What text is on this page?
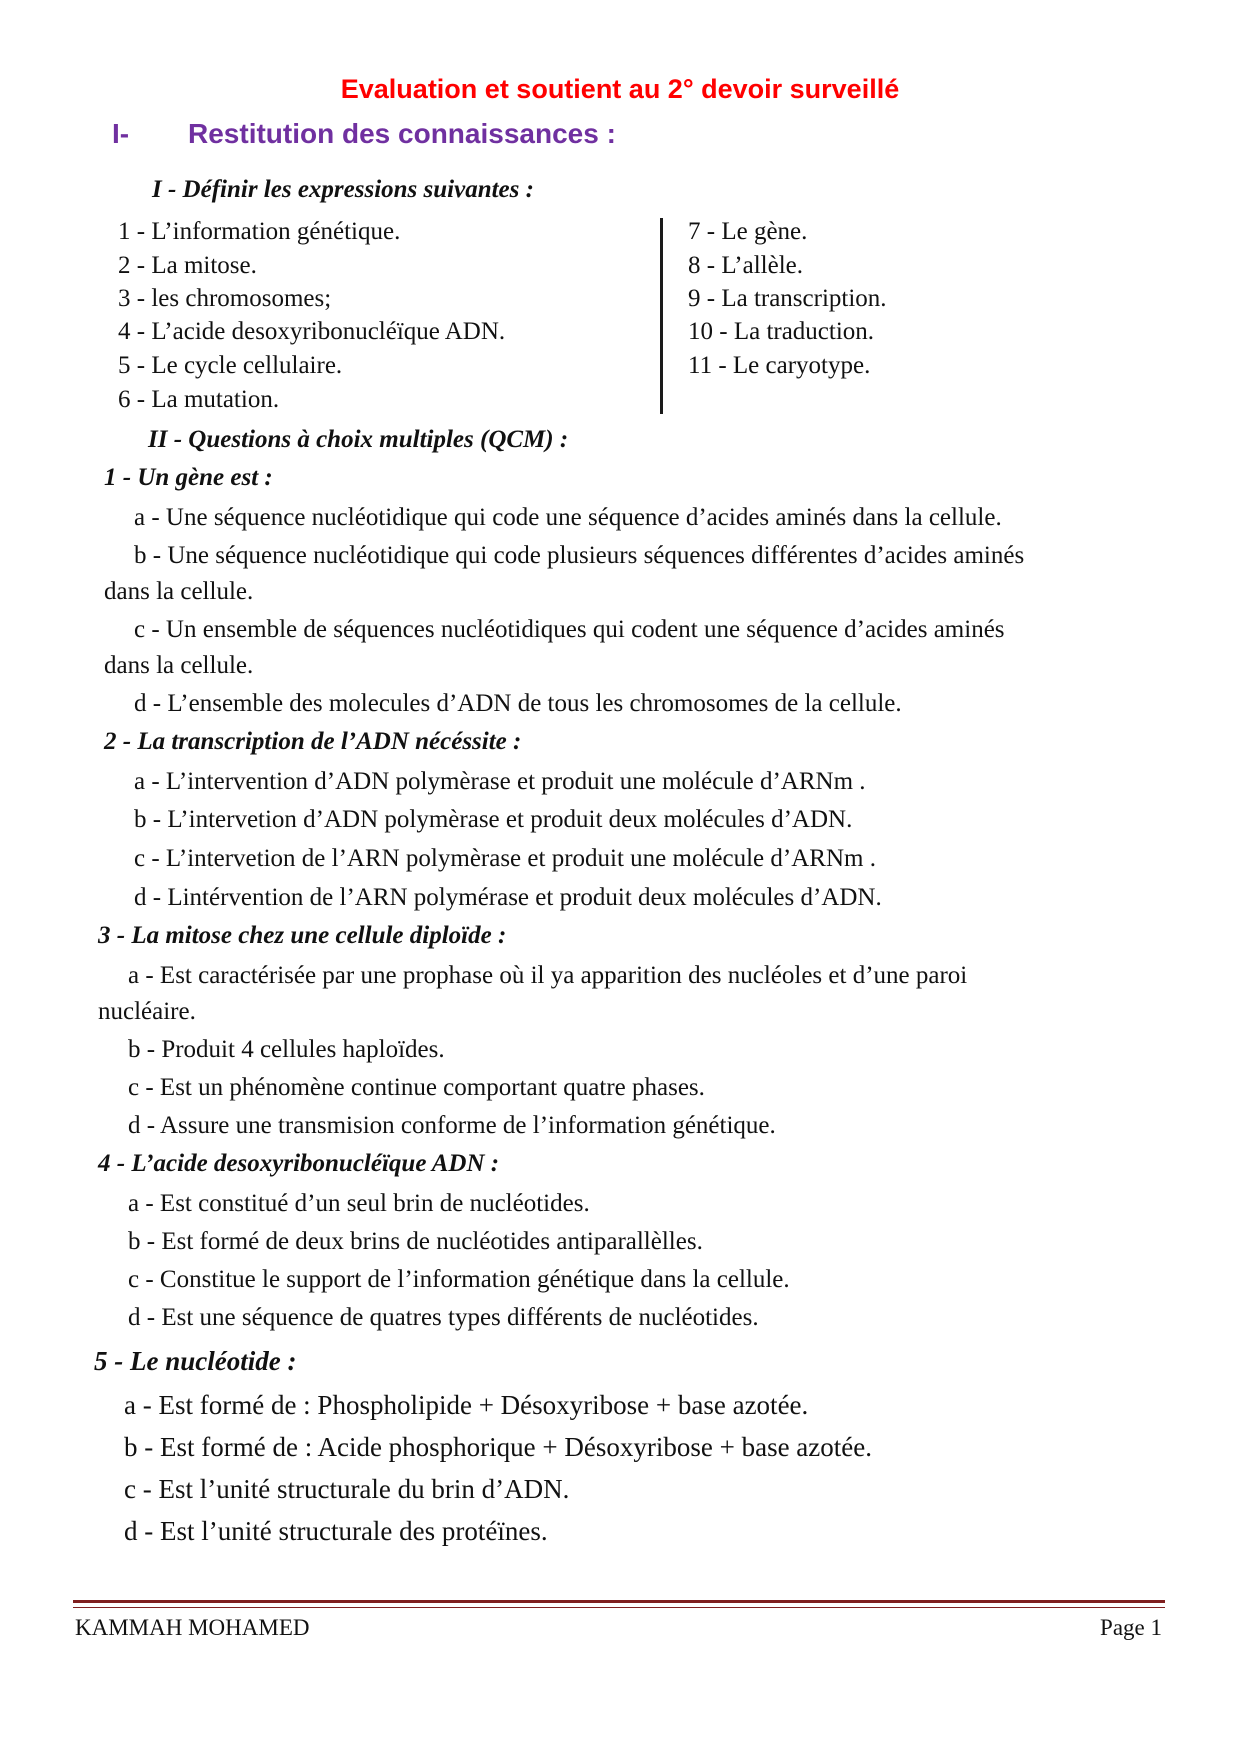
Evaluation et soutient au 2° devoir surveillé
I- Restitution des connaissances :

I - Définir les expressions suivantes :

1 - L’information génétique.

2 - La mitose.

3 - les chromosomes;

4 - L’acide desoxyribonucléïque ADN.

5 - Le cycle cellulaire.

6 - La mutation.

7 - Le gène.

8 - L’allèle.

9 - La transcription.

10 - La traduction.

11 - Le caryotype.

II - Questions à choix multiples (QCM) :

1 - Un gène est :

a - Une séquence nucléotidique qui code une séquence d’acides aminés dans la cellule.

b - Une séquence nucléotidique qui code plusieurs séquences différentes d’acides aminés

dans la cellule.

c - Un ensemble de séquences nucléotidiques qui codent une séquence d’acides aminés

dans la cellule.

d - L’ensemble des molecules d’ADN de tous les chromosomes de la cellule.

2 - La transcription de l’ADN nécéssite :

a - L’intervention d’ADN polymèrase et produit une molécule d’ARNm .

b - L’intervetion d’ADN polymèrase et produit deux molécules d’ADN.

c - L’intervetion de l’ARN polymèrase et produit une molécule d’ARNm .

d - Lintérvention de l’ARN polymérase et produit deux molécules d’ADN.

3 - La mitose chez une cellule diploïde :

a - Est caractérisée par une prophase où il ya apparition des nucléoles et d’une paroi

nucléaire.

b - Produit 4 cellules haploïdes.

c - Est un phénomène continue comportant quatre phases.

d - Assure une transmision conforme de l’information génétique.

4 - L’acide desoxyribonucléïque ADN :

a - Est constitué d’un seul brin de nucléotides.

b - Est formé de deux brins de nucléotides antiparallèlles.

c - Constitue le support de l’information génétique dans la cellule.

d - Est une séquence de quatres types différents de nucléotides.

5 - Le nucléotide :

a - Est formé de : Phospholipide + Désoxyribose + base azotée.

b - Est formé de : Acide phosphorique + Désoxyribose + base azotée.

c - Est l’unité structurale du brin d’ADN.

d - Est l’unité structurale des protéïnes.

KAMMAH MOHAMED	Page 1
